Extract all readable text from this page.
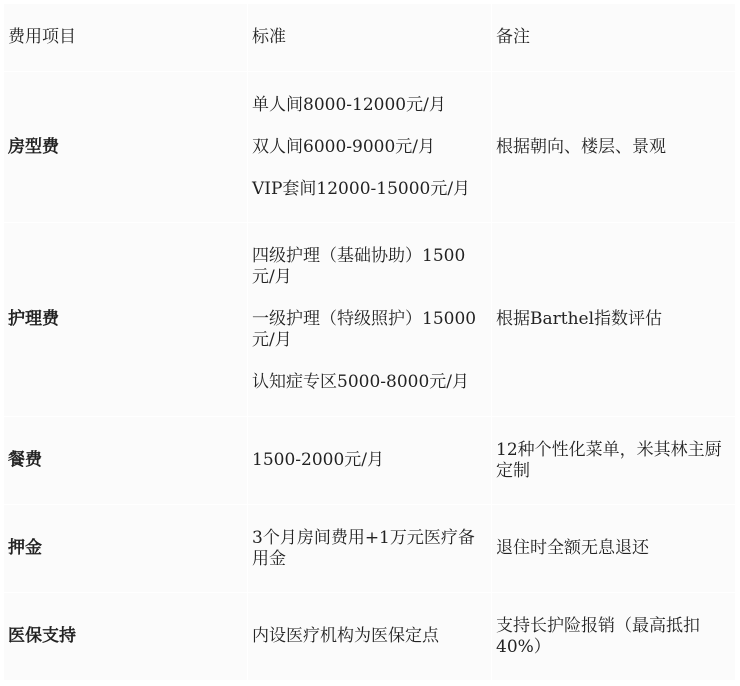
费用项目	标准	备注
房型费	单人间8000-12000元/月

双人间6000-9000元/月

VIP套间12000-15000元/月	根据朝向、楼层、景观
护理费	四级护理（基础协助）1500元/月

一级护理（特级照护）15000元/月

认知症专区5000-8000元/月	根据Barthel指数评估
餐费	1500-2000元/月	12种个性化菜单，米其林主厨定制
押金	3个月房间费用+1万元医疗备用金	退住时全额无息退还
医保支持	内设医疗机构为医保定点	支持长护险报销（最高抵扣40%）
